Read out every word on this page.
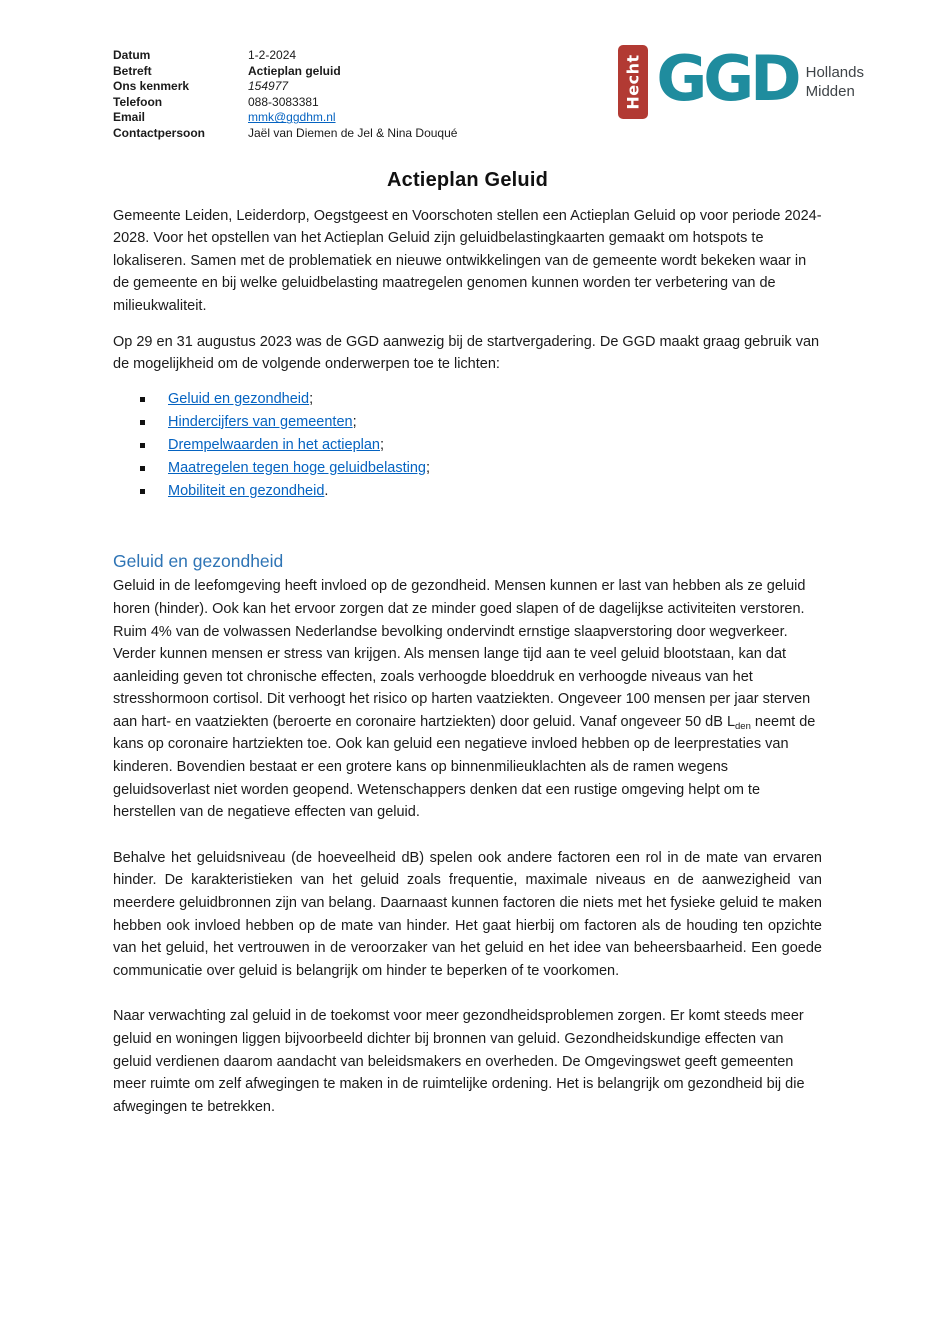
Datum	1-2-2024
Betreft	Actieplan geluid
Ons kenmerk	154977
Telefoon	088-3083381
Email	mmk@ggdhm.nl
Contactpersoon	Jaël van Diemen de Jel & Nina Douqué
Hecht GGD Hollands
Midden
Actieplan Geluid

Gemeente Leiden, Leiderdorp, Oegstgeest en Voorschoten stellen een Actieplan Geluid op voor periode 2024-2028. Voor het opstellen van het Actieplan Geluid zijn geluidbelastingkaarten gemaakt om hotspots te lokaliseren. Samen met de problematiek en nieuwe ontwikkelingen van de gemeente wordt bekeken waar in de gemeente en bij welke geluidbelasting maatregelen genomen kunnen worden ter verbetering van de milieukwaliteit.

Op 29 en 31 augustus 2023 was de GGD aanwezig bij de startvergadering. De GGD maakt graag gebruik van de mogelijkheid om de volgende onderwerpen toe te lichten:

Geluid en gezondheid;
Hindercijfers van gemeenten;
Drempelwaarden in het actieplan;
Maatregelen tegen hoge geluidbelasting;
Mobiliteit en gezondheid.
Geluid en gezondheid

Geluid in de leefomgeving heeft invloed op de gezondheid. Mensen kunnen er last van hebben als ze geluid horen (hinder). Ook kan het ervoor zorgen dat ze minder goed slapen of de dagelijkse activiteiten verstoren. Ruim 4% van de volwassen Nederlandse bevolking ondervindt ernstige slaapverstoring door wegverkeer. Verder kunnen mensen er stress van krijgen. Als mensen lange tijd aan te veel geluid blootstaan, kan dat aanleiding geven tot chronische effecten, zoals verhoogde bloeddruk en verhoogde niveaus van het stresshormoon cortisol. Dit verhoogt het risico op harten vaatziekten. Ongeveer 100 mensen per jaar sterven aan hart- en vaatziekten (beroerte en coronaire hartziekten) door geluid. Vanaf ongeveer 50 dB $L_{den}$ neemt de kans op coronaire hartziekten toe. Ook kan geluid een negatieve invloed hebben op de leerprestaties van kinderen. Bovendien bestaat er een grotere kans op binnenmilieuklachten als de ramen wegens geluidsoverlast niet worden geopend. Wetenschappers denken dat een rustige omgeving helpt om te herstellen van de negatieve effecten van geluid.

Behalve het geluidsniveau (de hoeveelheid dB) spelen ook andere factoren een rol in de mate van ervaren hinder. De karakteristieken van het geluid zoals frequentie, maximale niveaus en de aanwezigheid van meerdere geluidbronnen zijn van belang. Daarnaast kunnen factoren die niets met het fysieke geluid te maken hebben ook invloed hebben op de mate van hinder. Het gaat hierbij om factoren als de houding ten opzichte van het geluid, het vertrouwen in de veroorzaker van het geluid en het idee van beheersbaarheid. Een goede communicatie over geluid is belangrijk om hinder te beperken of te voorkomen.

Naar verwachting zal geluid in de toekomst voor meer gezondheidsproblemen zorgen. Er komt steeds meer geluid en woningen liggen bijvoorbeeld dichter bij bronnen van geluid. Gezondheidskundige effecten van geluid verdienen daarom aandacht van beleidsmakers en overheden. De Omgevingswet geeft gemeenten meer ruimte om zelf afwegingen te maken in de ruimtelijke ordening. Het is belangrijk om gezondheid bij die afwegingen te betrekken.
